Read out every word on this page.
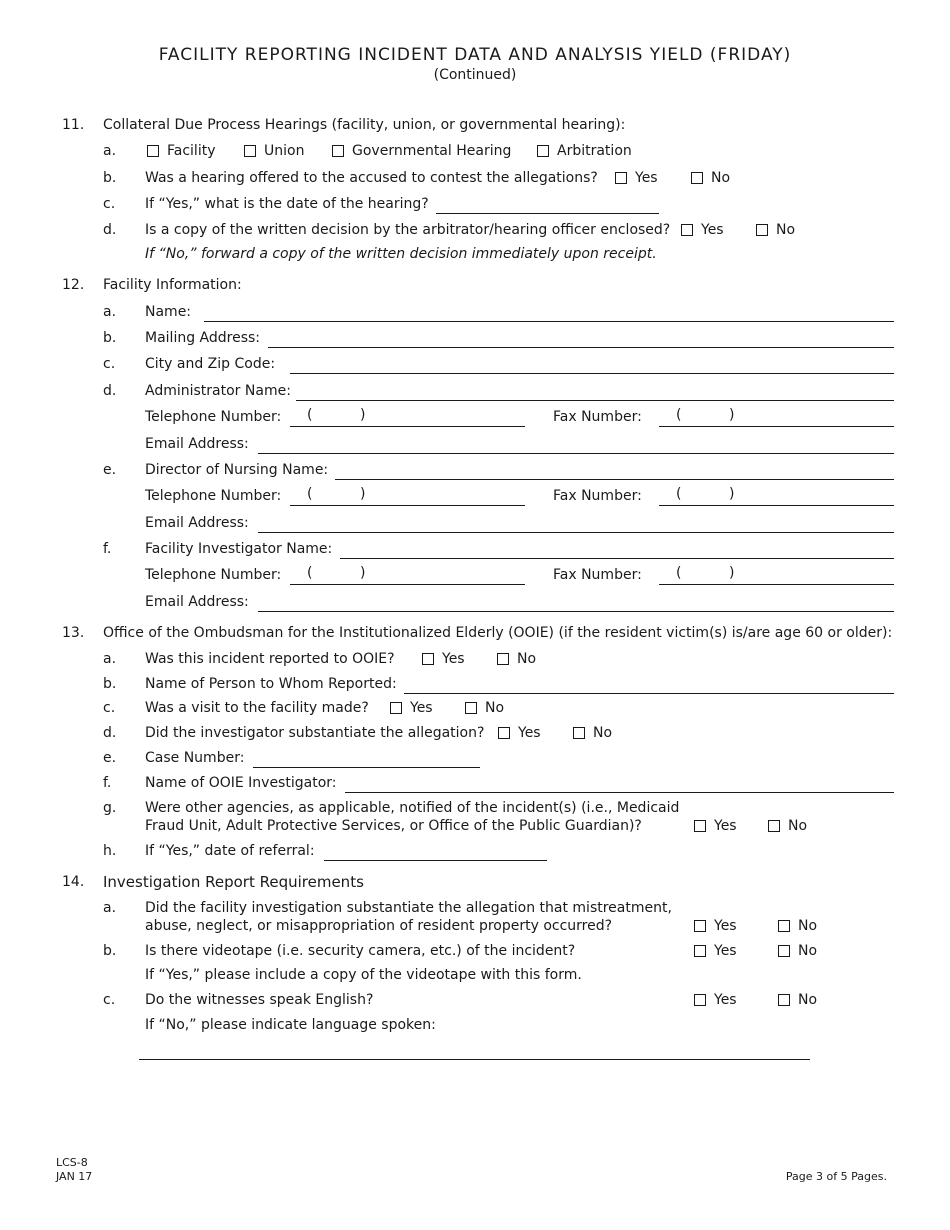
FACILITY REPORTING INCIDENT DATA AND ANALYSIS YIELD (FRIDAY)
(Continued)
11. Collateral Due Process Hearings (facility, union, or governmental hearing):
a.	Facility	Union	Governmental Hearing	Arbitration
b. Was a hearing offered to the accused to contest the allegations?	Yes	No
c. If “Yes,” what is the date of the hearing?
d. Is a copy of the written decision by the arbitrator/hearing officer enclosed? Yes	No
If “No,” forward a copy of the written decision immediately upon receipt.
12. Facility Information:
a. Name:
b. Mailing Address:
c. City and Zip Code:
d. Administrator Name:
Telephone Number: (	)	Fax Number: (	)
Email Address:
e. Director of Nursing Name:
Telephone Number: (	)	Fax Number: (	)
Email Address:
f. Facility Investigator Name:
Telephone Number: (	)	Fax Number: (	)
Email Address:
13. Office of the Ombudsman for the Institutionalized Elderly (OOIE) (if the resident victim(s) is/are age 60 or older):
a. Was this incident reported to OOIE?	Yes	No
b. Name of Person to Whom Reported:
c. Was a visit to the facility made?	Yes	No
d. Did the investigator substantiate the allegation? Yes	No
e. Case Number:
f. Name of OOIE Investigator:
g. Were other agencies, as applicable, notified of the incident(s) (i.e., Medicaid
Fraud Unit, Adult Protective Services, or Office of the Public Guardian)?	Yes	No
h. If “Yes,” date of referral:
14. Investigation Report Requirements
a. Did the facility investigation substantiate the allegation that mistreatment,
abuse, neglect, or misappropriation of resident property occurred?	Yes	No
b. Is there videotape (i.e. security camera, etc.) of the incident?	Yes	No
If “Yes,” please include a copy of the videotape with this form.
c. Do the witnesses speak English?	Yes	No
If “No,” please indicate language spoken:
LCS-8
JAN 17	Page 3 of 5 Pages.
